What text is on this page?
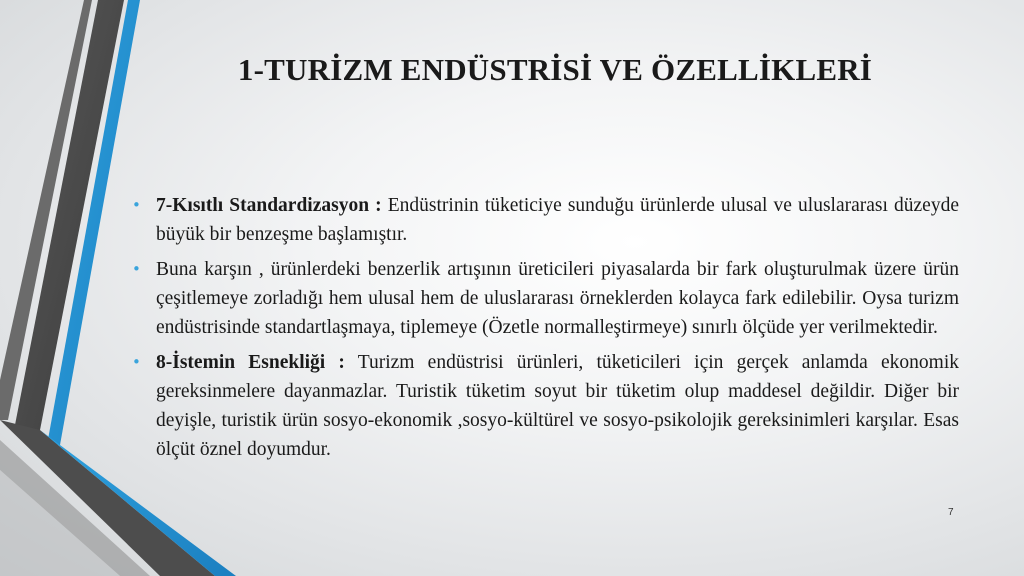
1-TURİZM ENDÜSTRİSİ VE ÖZELLİKLERİ
• 7-Kısıtlı Standardizasyon : Endüstrinin tüketiciye sunduğu ürünlerde ulusal ve uluslararası düzeyde büyük bir benzeşme başlamıştır.
• Buna karşın , ürünlerdeki benzerlik artışının üreticileri piyasalarda bir fark oluşturulmak üzere ürün çeşitlemeye zorladığı hem ulusal hem de uluslararası örneklerden kolayca fark edilebilir. Oysa turizm endüstrisinde standartlaşmaya, tiplemeye (Özetle normalleştirmeye) sınırlı ölçüde yer verilmektedir.
• 8-İstemin Esnekliği : Turizm endüstrisi ürünleri, tüketicileri için gerçek anlamda ekonomik gereksinmelere dayanmazlar. Turistik tüketim soyut bir tüketim olup maddesel değildir. Diğer bir deyişle, turistik ürün sosyo-ekonomik ,sosyo-kültürel ve sosyo-psikolojik gereksinimleri karşılar. Esas ölçüt öznel doyumdur.
7
